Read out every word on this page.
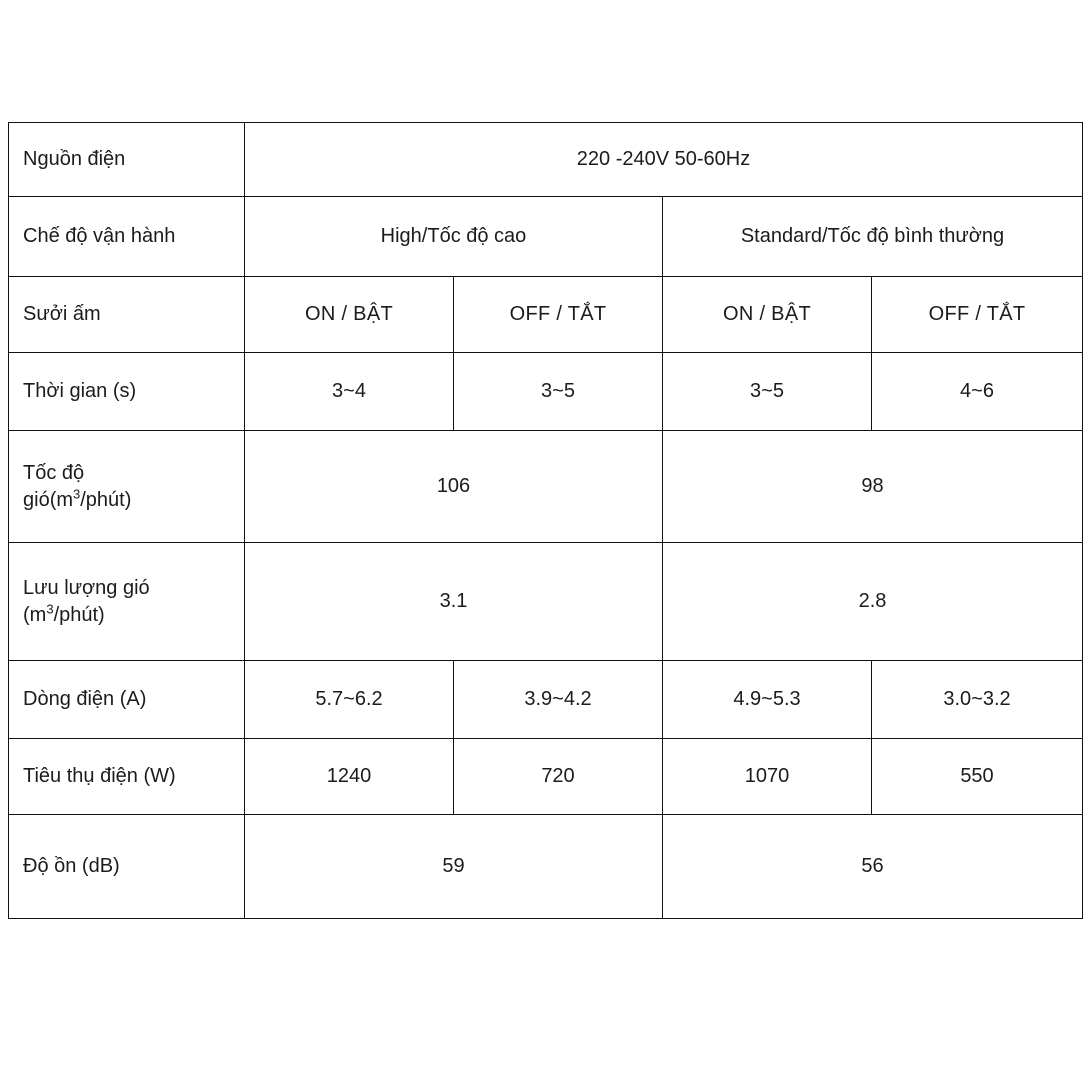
Nguồn điện	220 -240V 50-60Hz			
Chế độ vận hành	High/Tốc độ cao		Standard/Tốc độ bình thường	
Sưởi ấm	ON / BẬT	OFF / TẮT	ON / BẬT	OFF / TẮT
Thời gian (s)	3~4	3~5	3~5	4~6

Tốc độ
$gió(m^3/phút)$	106		98	

Lưu lượng gió
$(m^3/phút)$	3.1		2.8	
Dòng điện (A)	5.7~6.2	3.9~4.2	4.9~5.3	3.0~3.2
Tiêu thụ điện (W)	1240	720	1070	550
Độ ồn (dB)	59		56	
